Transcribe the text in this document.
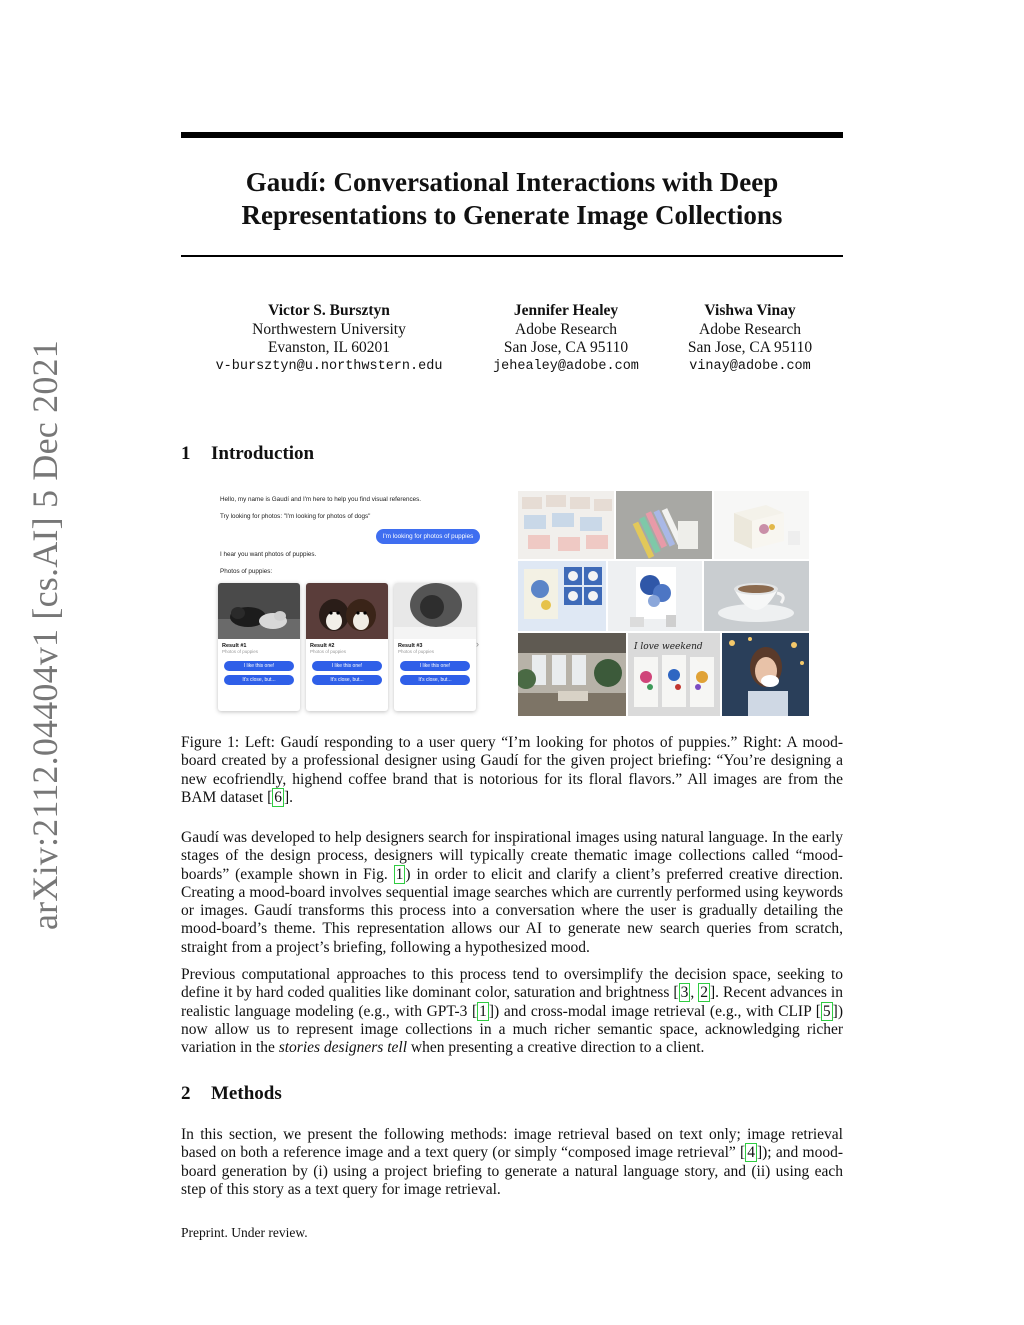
arXiv:2112.04404v1 [cs.AI] 5 Dec 2021
Gaudí: Conversational Interactions with Deep
Representations to Generate Image Collections
Victor S. Bursztyn
Northwestern University
Evanston, IL 60201
v-bursztyn@u.northwstern.edu
Jennifer Healey
Adobe Research
San Jose, CA 95110
jehealey@adobe.com
Vishwa Vinay
Adobe Research
San Jose, CA 95110
vinay@adobe.com
1 Introduction
Hello, my name is Gaudí and I'm here to help you find visual references.
Try looking for photos: "I'm looking for photos of dogs"
I'm looking for photos of puppies
I hear you want photos of puppies.
Photos of puppies:
Result #1
Photos of puppies
I like this one!
It's close, but...
Result #2
Photos of puppies
I like this one!
It's close, but...
Result #3
Photos of puppies
I like this one!
It's close, but...
›	I love weekend
Figure 1: Left: Gaudí responding to a user query “I’m looking for photos of puppies.” Right: A mood-board created by a professional designer using Gaudí for the given project briefing: “You’re designing a new ecofriendly, highend coffee brand that is notorious for its floral flavors.” All images are from the BAM dataset [ 6 ].
Gaudí was developed to help designers search for inspirational images using natural language. In the early stages of the design process, designers will typically create thematic image collections called “mood-boards” (example shown in Fig. 1 ) in order to elicit and clarify a client’s preferred creative direction. Creating a mood-board involves sequential image searches which are currently performed using keywords or images. Gaudí transforms this process into a conversation where the user is gradually detailing the mood-board’s theme. This representation allows our AI to generate new search queries from scratch, straight from a project’s briefing, following a hypothesized mood.
Previous computational approaches to this process tend to oversimplify the decision space, seeking to define it by hard coded qualities like dominant color, saturation and brightness [ 3 , 2 ]. Recent advances in realistic language modeling (e.g., with GPT-3 [ 1 ]) and cross-modal image retrieval (e.g., with CLIP [ 5 ]) now allow us to represent image collections in a much richer semantic space, acknowledging richer variation in the stories designers tell when presenting a creative direction to a client.
2 Methods
In this section, we present the following methods: image retrieval based on text only; image retrieval based on both a reference image and a text query (or simply “composed image retrieval” [ 4 ]); and mood-board generation by (i) using a project briefing to generate a natural language story, and (ii) using each step of this story as a text query for image retrieval.
Preprint. Under review.
